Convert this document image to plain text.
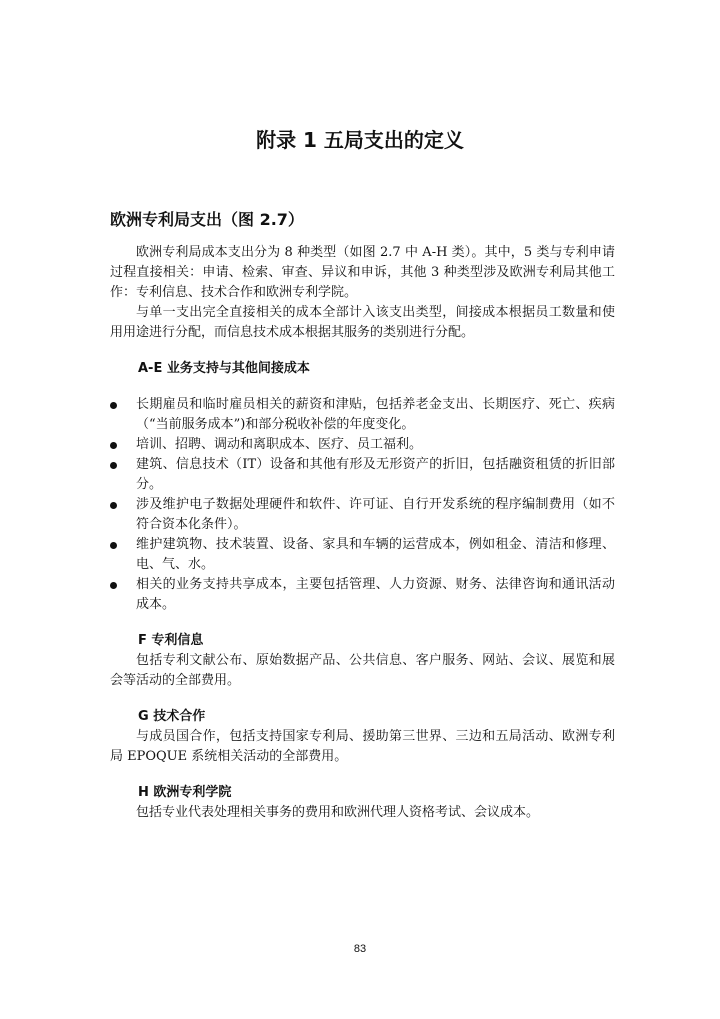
附录 1 五局支出的定义
欧洲专利局支出（图 2.7）

欧洲专利局成本支出分为 8 种类型（如图 2.7 中 A-H 类）。其中，5 类与专利申请过程直接相关：申请、检索、审查、异议和申诉，其他 3 种类型涉及欧洲专利局其他工作：专利信息、技术合作和欧洲专利学院。

与单一支出完全直接相关的成本全部计入该支出类型，间接成本根据员工数量和使用用途进行分配，而信息技术成本根据其服务的类别进行分配。

A-E 业务支持与其他间接成本

长期雇员和临时雇员相关的薪资和津贴，包括养老金支出、长期医疗、死亡、疾病（“当前服务成本”)和部分税收补偿的年度变化。
培训、招聘、调动和离职成本、医疗、员工福利。
建筑、信息技术（IT）设备和其他有形及无形资产的折旧，包括融资租赁的折旧部分。
涉及维护电子数据处理硬件和软件、许可证、自行开发系统的程序编制费用（如不符合资本化条件）。
维护建筑物、技术装置、设备、家具和车辆的运营成本，例如租金、清洁和修理、电、气、水。
相关的业务支持共享成本，主要包括管理、人力资源、财务、法律咨询和通讯活动成本。

F 专利信息

包括专利文献公布、原始数据产品、公共信息、客户服务、网站、会议、展览和展会等活动的全部费用。

G 技术合作

与成员国合作，包括支持国家专利局、援助第三世界、三边和五局活动、欧洲专利局 EPOQUE 系统相关活动的全部费用。

H 欧洲专利学院

包括专业代表处理相关事务的费用和欧洲代理人资格考试、会议成本。

83
